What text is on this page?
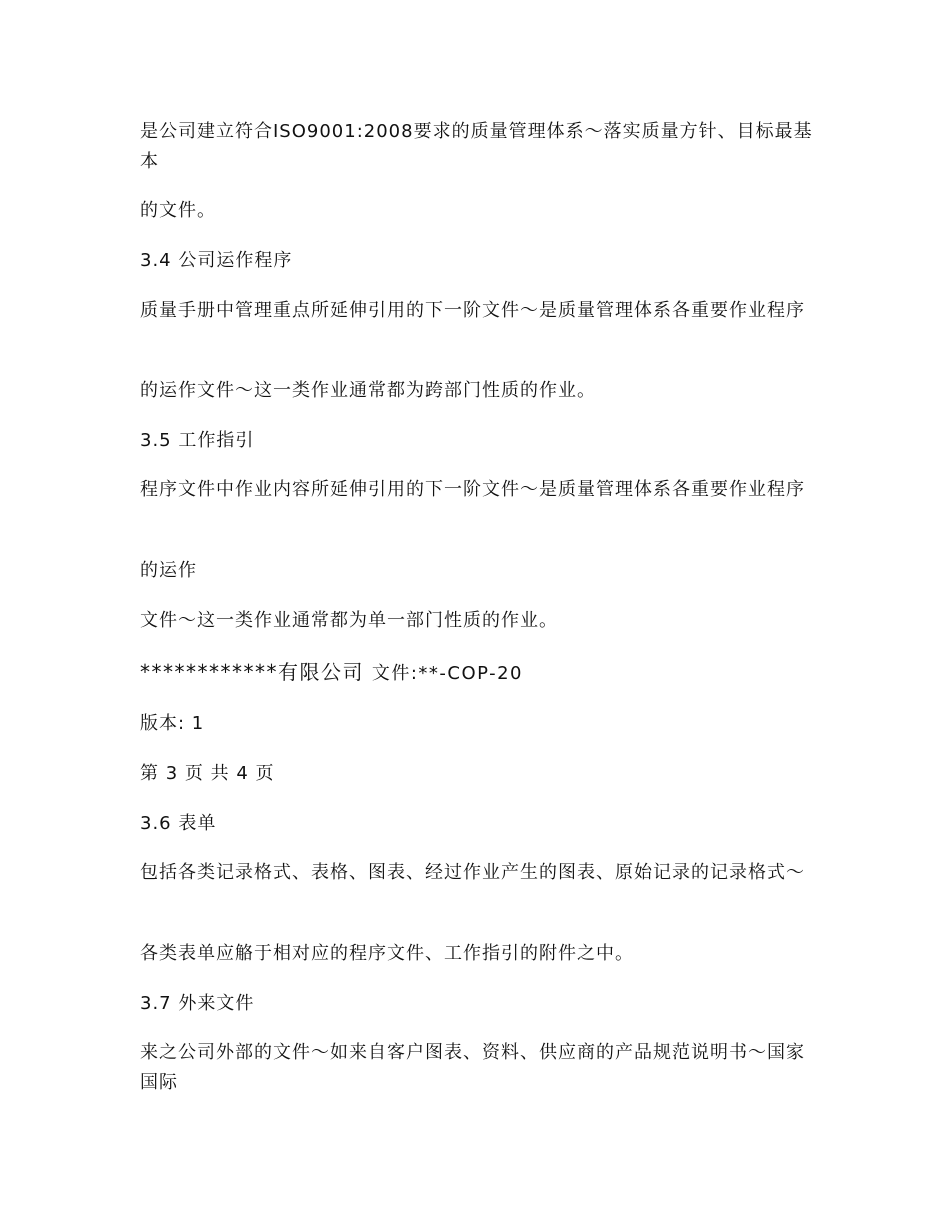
是公司建立符合ISO9001:2008要求的质量管理体系～落实质量方针、目标最基本

的文件。

3.4 公司运作程序

质量手册中管理重点所延伸引用的下一阶文件～是质量管理体系各重要作业程序

的运作文件～这一类作业通常都为跨部门性质的作业。

3.5 工作指引

程序文件中作业内容所延伸引用的下一阶文件～是质量管理体系各重要作业程序

的运作

文件～这一类作业通常都为单一部门性质的作业。

************有限公司 文件:**-COP-20

版本: 1

第 3 页 共 4 页

3.6 表单

包括各类记录格式、表格、图表、经过作业产生的图表、原始记录的记录格式～

各类表单应觡于相对应的程序文件、工作指引的附件之中。

3.7 外来文件

来之公司外部的文件～如来自客户图表、资料、供应商的产品规范说明书～国家国际
